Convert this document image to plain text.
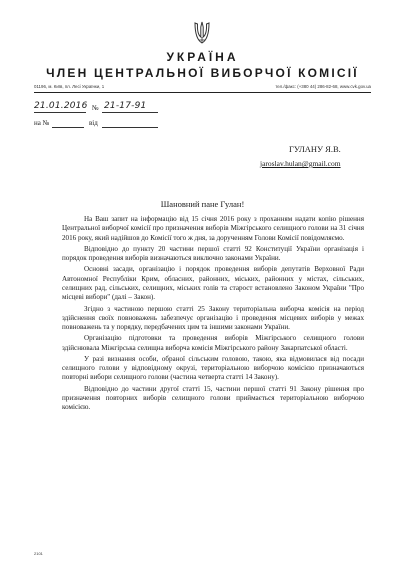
УКРАЇНА
ЧЛЕН ЦЕНТРАЛЬНОЇ ВИБОРЧОЇ КОМІСІЇ
01196, м. Київ, пл. Лесі Українки, 1	тел./факс: (+380 44) 286-82-68, www.cvk.gov.ua
21.01.2016 № 21-17-91
на №	від
ГУЛАНУ Я.В.
jaroslav.hulan@gmail.com
Шановний пане Гулан!

На Ваш запит на інформацію від 15 січня 2016 року з проханням надати копію рішення Центральної виборчої комісії про призначення виборів Міжгірського селищного голови на 31 січня 2016 року, який надійшов до Комісії того ж дня, за дорученням Голови Комісії повідомляємо.

Відповідно до пункту 20 частини першої статті 92 Конституції України організація і порядок проведення виборів визначаються виключно законами України.

Основні засади, організацію і порядок проведення виборів депутатів Верховної Ради Автономної Республіки Крим, обласних, районних, міських, районних у містах, сільських, селищних рад, сільських, селищних, міських голів та старост встановлено Законом України "Про місцеві вибори" (далі – Закон).

Згідно з частиною першою статті 25 Закону територіальна виборча комісія на період здійснення своїх повноважень забезпечує організацію і проведення місцевих виборів у межах повноважень та у порядку, передбачених цим та іншими законами України.

Організацію підготовки та проведення виборів Міжгірського селищного голови здійснювала Міжгірська селищна виборча комісія Міжгірського району Закарпатської області.

У разі визнання особи, обраної сільським головою, такою, яка відмовилася від посади селищного голови у відповідному окрузі, територіальною виборчою комісією призначаються повторні вибори селищного голови (частина четверта статті 14 Закону).

Відповідно до частини другої статті 15, частини першої статті 91 Закону рішення про призначення повторних виборів селищного голови приймається територіальною виборчою комісією.

2101
